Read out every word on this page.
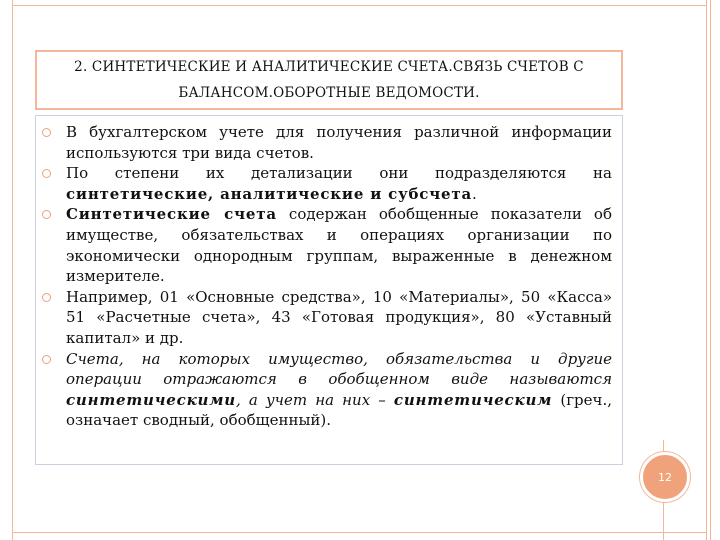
2. СИНТЕТИЧЕСКИЕ И АНАЛИТИЧЕСКИЕ СЧЕТА.СВЯЗЬ СЧЕТОВ С БАЛАНСОМ.ОБОРОТНЫЕ ВЕДОМОСТИ.
В бухгалтерском учете для получения различной информации используются три вида счетов.
По степени их детализации они подразделяются на синтетические, аналитические и субсчета.
Синтетические счета содержан обобщенные показатели об имуществе, обязательствах и операциях организации по экономически однородным группам, выраженные в денежном измерителе.
Например, 01 «Основные средства», 10 «Материалы», 50 «Касса» 51 «Расчетные счета», 43 «Готовая продукция», 80 «Уставный капитал» и др.
Счета, на которых имущество, обязательства и другие операции отражаются в обобщенном виде называются синтетическими, а учет на них – синтетическим (греч., означает сводный, обобщенный).
12
